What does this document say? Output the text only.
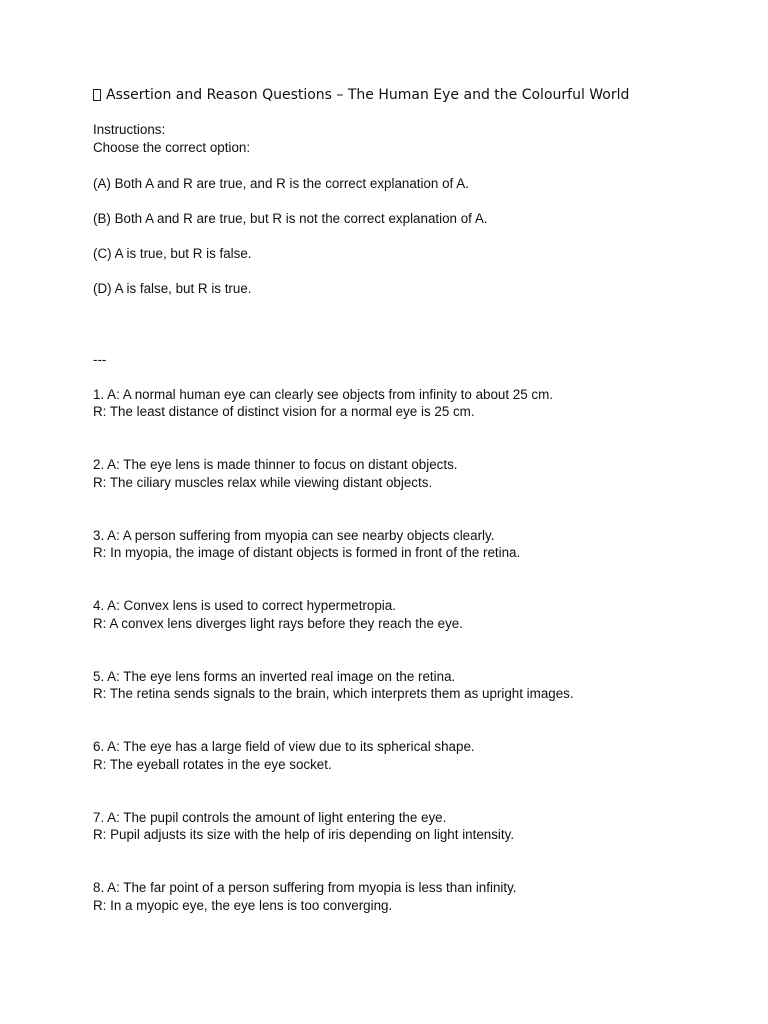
Assertion and Reason Questions – The Human Eye and the Colourful World
Instructions:
Choose the correct option:
(A) Both A and R are true, and R is the correct explanation of A.
(B) Both A and R are true, but R is not the correct explanation of A.
(C) A is true, but R is false.
(D) A is false, but R is true.
---
1. A: A normal human eye can clearly see objects from infinity to about 25 cm.
R: The least distance of distinct vision for a normal eye is 25 cm.
2. A: The eye lens is made thinner to focus on distant objects.
R: The ciliary muscles relax while viewing distant objects.
3. A: A person suffering from myopia can see nearby objects clearly.
R: In myopia, the image of distant objects is formed in front of the retina.
4. A: Convex lens is used to correct hypermetropia.
R: A convex lens diverges light rays before they reach the eye.
5. A: The eye lens forms an inverted real image on the retina.
R: The retina sends signals to the brain, which interprets them as upright images.
6. A: The eye has a large field of view due to its spherical shape.
R: The eyeball rotates in the eye socket.
7. A: The pupil controls the amount of light entering the eye.
R: Pupil adjusts its size with the help of iris depending on light intensity.
8. A: The far point of a person suffering from myopia is less than infinity.
R: In a myopic eye, the eye lens is too converging.
